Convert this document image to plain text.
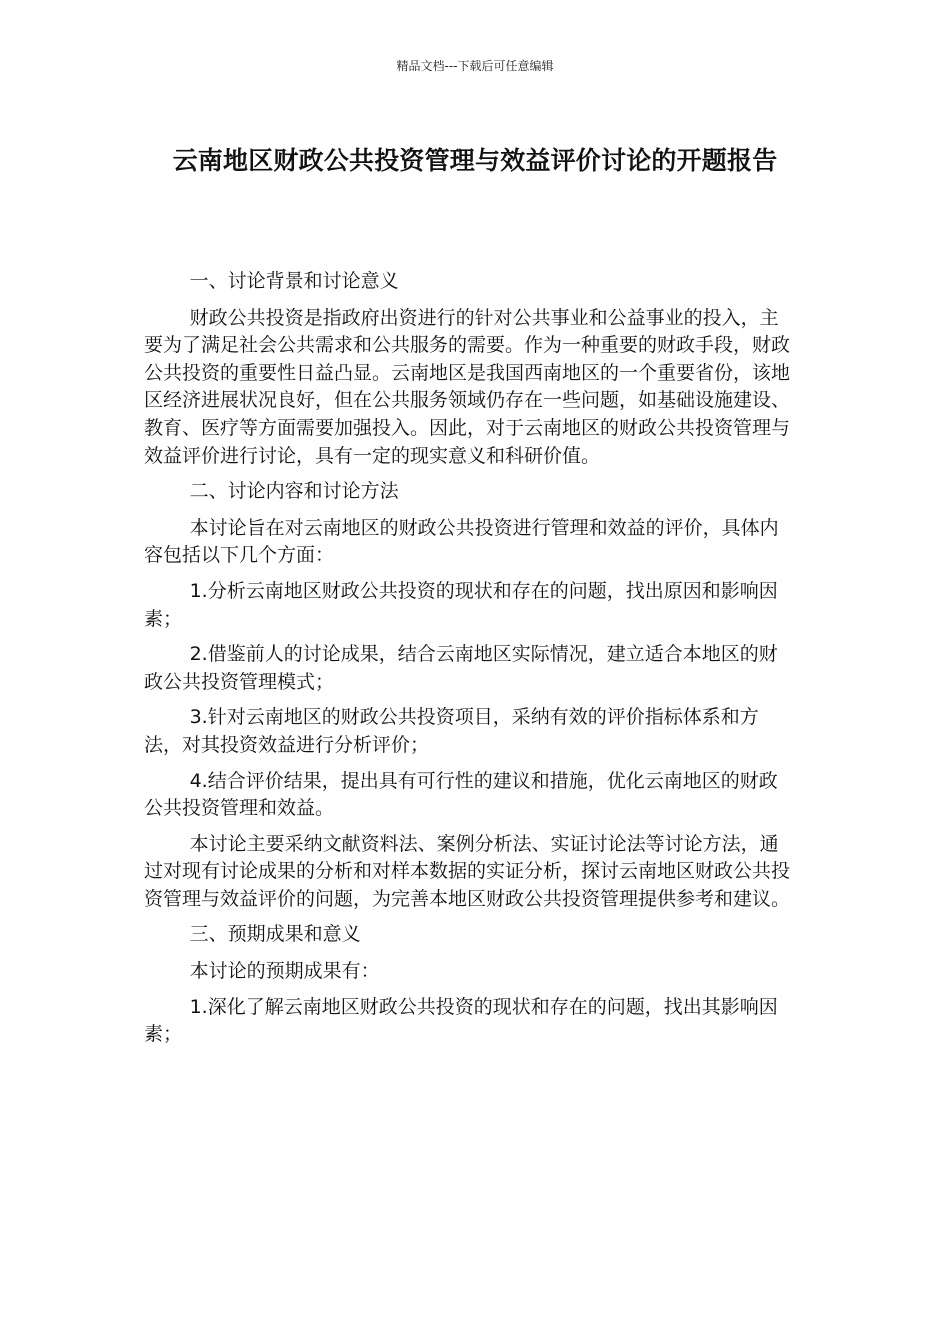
精品文档---下载后可任意编辑
云南地区财政公共投资管理与效益评价讨论的开题报告

一、讨论背景和讨论意义

财政公共投资是指政府出资进行的针对公共事业和公益事业的投入，主要为了满足社会公共需求和公共服务的需要。作为一种重要的财政手段，财政公共投资的重要性日益凸显。云南地区是我国西南地区的一个重要省份，该地区经济进展状况良好，但在公共服务领域仍存在一些问题，如基础设施建设、教育、医疗等方面需要加强投入。因此，对于云南地区的财政公共投资管理与效益评价进行讨论，具有一定的现实意义和科研价值。

二、讨论内容和讨论方法

本讨论旨在对云南地区的财政公共投资进行管理和效益的评价，具体内容包括以下几个方面：

1.分析云南地区财政公共投资的现状和存在的问题，找出原因和影响因素；

2.借鉴前人的讨论成果，结合云南地区实际情况，建立适合本地区的财政公共投资管理模式；

3.针对云南地区的财政公共投资项目，采纳有效的评价指标体系和方法，对其投资效益进行分析评价；

4.结合评价结果，提出具有可行性的建议和措施，优化云南地区的财政公共投资管理和效益。

本讨论主要采纳文献资料法、案例分析法、实证讨论法等讨论方法，通过对现有讨论成果的分析和对样本数据的实证分析，探讨云南地区财政公共投资管理与效益评价的问题，为完善本地区财政公共投资管理提供参考和建议。

三、预期成果和意义

本讨论的预期成果有：

1.深化了解云南地区财政公共投资的现状和存在的问题，找出其影响因素；
